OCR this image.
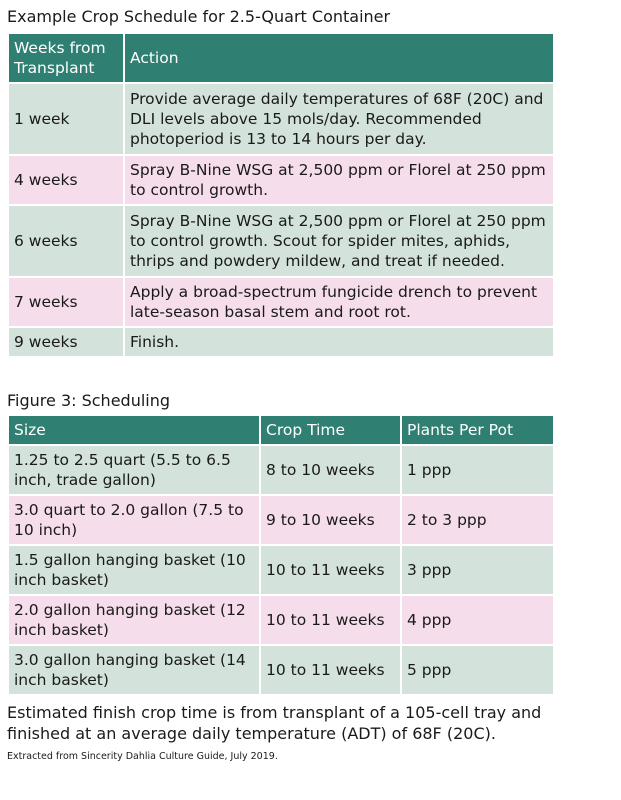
Example Crop Schedule for 2.5-Quart Container
Weeks from Transplant	Action
1 week	Provide average daily temperatures of 68F (20C) and DLI levels above 15 mols/day. Recommended photoperiod is 13 to 14 hours per day.
4 weeks	Spray B-Nine WSG at 2,500 ppm or Florel at 250 ppm to control growth.
6 weeks	Spray B-Nine WSG at 2,500 ppm or Florel at 250 ppm to control growth. Scout for spider mites, aphids, thrips and powdery mildew, and treat if needed.
7 weeks	Apply a broad-spectrum fungicide drench to prevent late-season basal stem and root rot.
9 weeks	Finish.
Figure 3: Scheduling
Size	Crop Time	Plants Per Pot
1.25 to 2.5 quart (5.5 to 6.5 inch, trade gallon)	8 to 10 weeks	1 ppp
3.0 quart to 2.0 gallon (7.5 to 10 inch)	9 to 10 weeks	2 to 3 ppp
1.5 gallon hanging basket (10 inch basket)	10 to 11 weeks	3 ppp
2.0 gallon hanging basket (12 inch basket)	10 to 11 weeks	4 ppp
3.0 gallon hanging basket (14 inch basket)	10 to 11 weeks	5 ppp
Estimated finish crop time is from transplant of a 105-cell tray and finished at an average daily temperature (ADT) of 68F (20C).
Extracted from Sincerity Dahlia Culture Guide, July 2019.
